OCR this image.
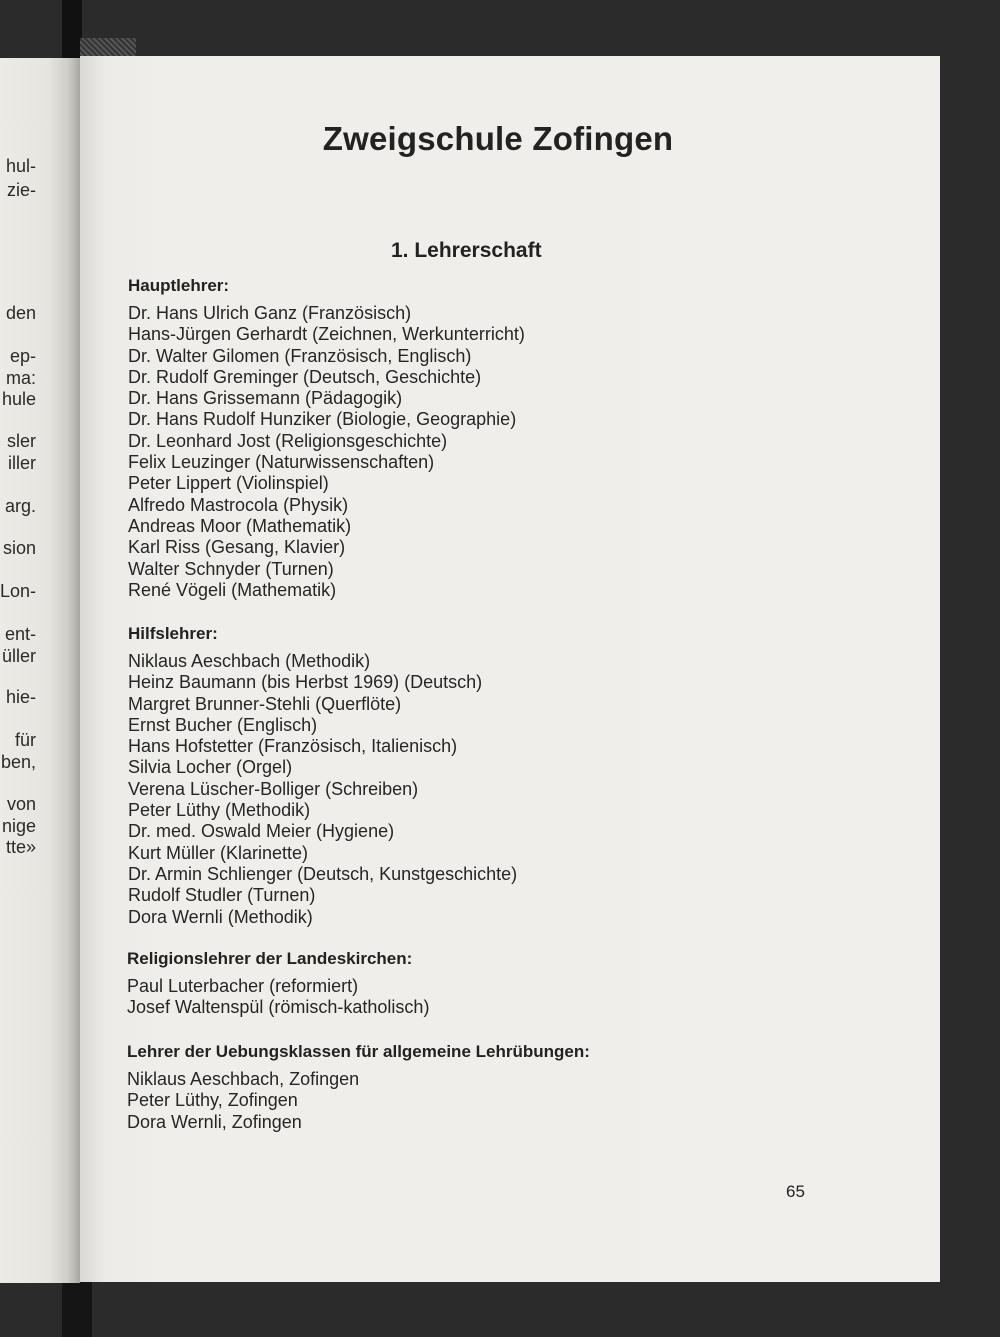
hul-
zie-
den
ep-
ma:
hule
sler
iller
arg.
sion
Lon-
ent-
üller
hie-
für
ben,
von
nige
tte»
Zweigschule Zofingen
1. Lehrerschaft
Hauptlehrer:
Dr. Hans Ulrich Ganz (Französisch)
Hans-Jürgen Gerhardt (Zeichnen, Werkunterricht)
Dr. Walter Gilomen (Französisch, Englisch)
Dr. Rudolf Greminger (Deutsch, Geschichte)
Dr. Hans Grissemann (Pädagogik)
Dr. Hans Rudolf Hunziker (Biologie, Geographie)
Dr. Leonhard Jost (Religionsgeschichte)
Felix Leuzinger (Naturwissenschaften)
Peter Lippert (Violinspiel)
Alfredo Mastrocola (Physik)
Andreas Moor (Mathematik)
Karl Riss (Gesang, Klavier)
Walter Schnyder (Turnen)
René Vögeli (Mathematik)
Hilfslehrer:
Niklaus Aeschbach (Methodik)
Heinz Baumann (bis Herbst 1969) (Deutsch)
Margret Brunner-Stehli (Querflöte)
Ernst Bucher (Englisch)
Hans Hofstetter (Französisch, Italienisch)
Silvia Locher (Orgel)
Verena Lüscher-Bolliger (Schreiben)
Peter Lüthy (Methodik)
Dr. med. Oswald Meier (Hygiene)
Kurt Müller (Klarinette)
Dr. Armin Schlienger (Deutsch, Kunstgeschichte)
Rudolf Studler (Turnen)
Dora Wernli (Methodik)
Religionslehrer der Landeskirchen:
Paul Luterbacher (reformiert)
Josef Waltenspül (römisch-katholisch)
Lehrer der Uebungsklassen für allgemeine Lehrübungen:
Niklaus Aeschbach, Zofingen
Peter Lüthy, Zofingen
Dora Wernli, Zofingen
65
